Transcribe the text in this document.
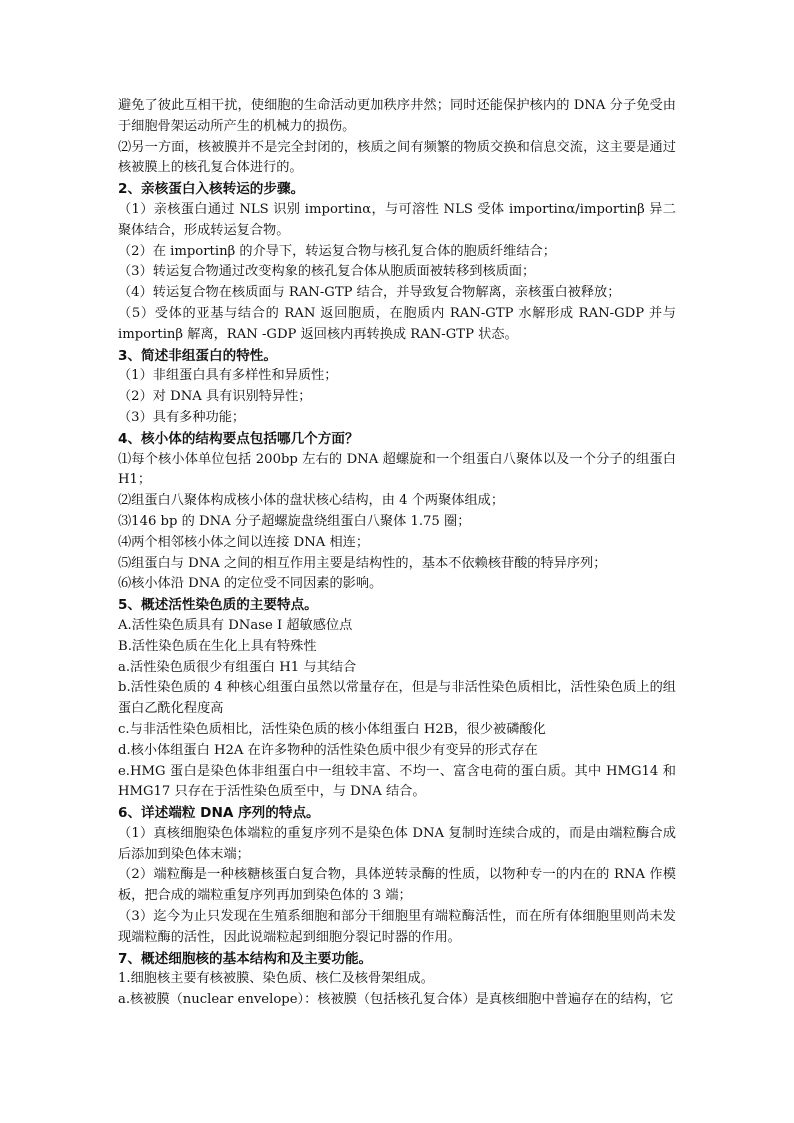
避免了彼此互相干扰，使细胞的生命活动更加秩序井然；同时还能保护核内的 DNA 分子免受由于细胞骨架运动所产生的机械力的损伤。

⑵另一方面，核被膜并不是完全封闭的，核质之间有频繁的物质交换和信息交流，这主要是通过核被膜上的核孔复合体进行的。

2、亲核蛋白入核转运的步骤。

（1）亲核蛋白通过 NLS 识别 importinα，与可溶性 NLS 受体 importinα/importinβ 异二聚体结合，形成转运复合物。

（2）在 importinβ 的介导下，转运复合物与核孔复合体的胞质纤维结合；

（3）转运复合物通过改变构象的核孔复合体从胞质面被转移到核质面；

（4）转运复合物在核质面与 RAN-GTP 结合，并导致复合物解离，亲核蛋白被释放；

（5）受体的亚基与结合的 RAN 返回胞质，在胞质内 RAN-GTP 水解形成 RAN-GDP 并与 importinβ 解离，RAN -GDP 返回核内再转换成 RAN-GTP 状态。

3、简述非组蛋白的特性。

（1）非组蛋白具有多样性和异质性；

（2）对 DNA 具有识别特异性；

（3）具有多种功能；

4、核小体的结构要点包括哪几个方面？

⑴每个核小体单位包括 200bp 左右的 DNA 超螺旋和一个组蛋白八聚体以及一个分子的组蛋白 H1；

⑵组蛋白八聚体构成核小体的盘状核心结构，由 4 个两聚体组成；

⑶146 bp 的 DNA 分子超螺旋盘绕组蛋白八聚体 1.75 圈；

⑷两个相邻核小体之间以连接 DNA 相连；

⑸组蛋白与 DNA 之间的相互作用主要是结构性的，基本不依赖核苷酸的特异序列；

⑹核小体沿 DNA 的定位受不同因素的影响。

5、概述活性染色质的主要特点。

A.活性染色质具有 DNase I 超敏感位点

B.活性染色质在生化上具有特殊性

a.活性染色质很少有组蛋白 H1 与其结合

b.活性染色质的 4 种核心组蛋白虽然以常量存在，但是与非活性染色质相比，活性染色质上的组蛋白乙酰化程度高

c.与非活性染色质相比，活性染色质的核小体组蛋白 H2B，很少被磷酸化

d.核小体组蛋白 H2A 在许多物种的活性染色质中很少有变异的形式存在

e.HMG 蛋白是染色体非组蛋白中一组较丰富、不均一、富含电荷的蛋白质。其中 HMG14 和 HMG17 只存在于活性染色质至中，与 DNA 结合。

6、详述端粒 DNA 序列的特点。

（1）真核细胞染色体端粒的重复序列不是染色体 DNA 复制时连续合成的，而是由端粒酶合成后添加到染色体末端；

（2）端粒酶是一种核糖核蛋白复合物，具体逆转录酶的性质，以物种专一的内在的 RNA 作模板，把合成的端粒重复序列再加到染色体的 3 端；

（3）迄今为止只发现在生殖系细胞和部分干细胞里有端粒酶活性，而在所有体细胞里则尚未发现端粒酶的活性，因此说端粒起到细胞分裂记时器的作用。

7、概述细胞核的基本结构和及主要功能。

1.细胞核主要有核被膜、染色质、核仁及核骨架组成。

a.核被膜（nuclear envelope）：核被膜（包括核孔复合体）是真核细胞中普遍存在的结构，它
